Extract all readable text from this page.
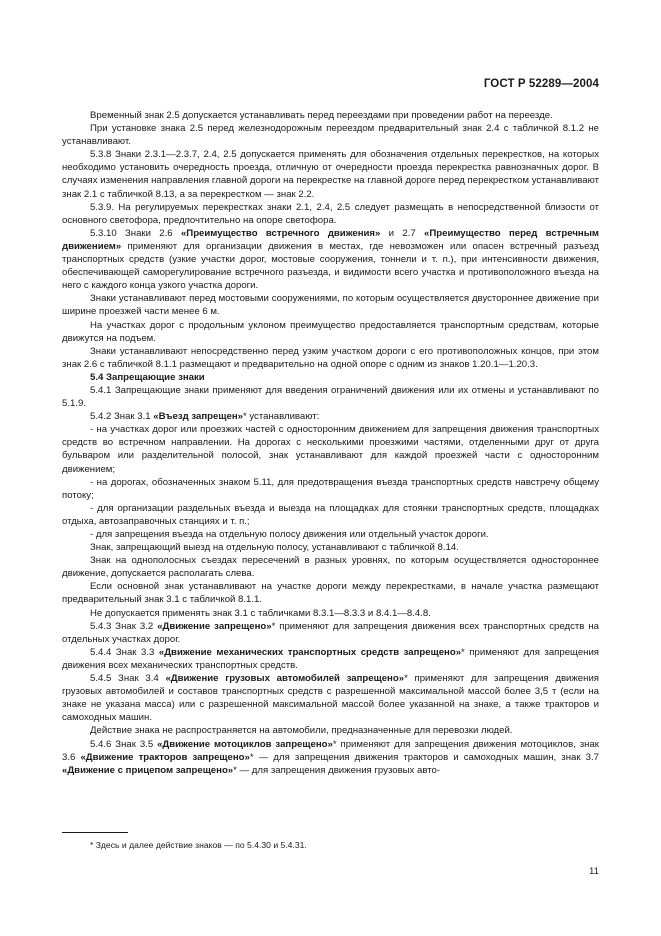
ГОСТ Р 52289—2004

Временный знак 2.5 допускается устанавливать перед переездами при проведении работ на переезде.

При установке знака 2.5 перед железнодорожным переездом предварительный знак 2.4 с табличкой 8.1.2 не устанавливают.

5.3.8 Знаки 2.3.1—2.3.7, 2.4, 2.5 допускается применять для обозначения отдельных перекрестков, на которых необходимо установить очередность проезда, отличную от очередности проезда перекрестка равнозначных дорог. В случаях изменения направления главной дороги на перекрестке на главной дороге перед перекрестком устанавливают знак 2.1 с табличкой 8.13, а за перекрестком — знак 2.2.

5.3.9. На регулируемых перекрестках знаки 2.1, 2.4, 2.5 следует размещать в непосредственной близости от основного светофора, предпочтительно на опоре светофора.

5.3.10 Знаки 2.6 «Преимущество встречного движения» и 2.7 «Преимущество перед встречным движением» применяют для организации движения в местах, где невозможен или опасен встречный разъезд транспортных средств (узкие участки дорог, мостовые сооружения, тоннели и т. п.), при интенсивности движения, обеспечивающей саморегулирование встречного разъезда, и видимости всего участка и противоположного въезда на него с каждого конца узкого участка дороги.

Знаки устанавливают перед мостовыми сооружениями, по которым осуществляется двустороннее движение при ширине проезжей части менее 6 м.

На участках дорог с продольным уклоном преимущество предоставляется транспортным средствам, которые движутся на подъем.

Знаки устанавливают непосредственно перед узким участком дороги с его противоположных концов, при этом знак 2.6 с табличкой 8.1.1 размещают и предварительно на одной опоре с одним из знаков 1.20.1—1.20.3.

5.4 Запрещающие знаки

5.4.1 Запрещающие знаки применяют для введения ограничений движения или их отмены и устанавливают по 5.1.9.

5.4.2 Знак 3.1 «Въезд запрещен»* устанавливают:

- на участках дорог или проезжих частей с односторонним движением для запрещения движения транспортных средств во встречном направлении. На дорогах с несколькими проезжими частями, отделенными друг от друга бульваром или разделительной полосой, знак устанавливают для каждой проезжей части с односторонним движением;

- на дорогах, обозначенных знаком 5.11, для предотвращения въезда транспортных средств навстречу общему потоку;

- для организации раздельных въезда и выезда на площадках для стоянки транспортных средств, площадках отдыха, автозаправочных станциях и т. п.;

- для запрещения въезда на отдельную полосу движения или отдельный участок дороги.

Знак, запрещающий выезд на отдельную полосу, устанавливают с табличкой 8.14.

Знак на однополосных съездах пересечений в разных уровнях, по которым осуществляется одностороннее движение, допускается располагать слева.

Если основной знак устанавливают на участке дороги между перекрестками, в начале участка размещают предварительный знак 3.1 с табличкой 8.1.1.

Не допускается применять знак 3.1 с табличками 8.3.1—8.3.3 и 8.4.1—8.4.8.

5.4.3 Знак 3.2 «Движение запрещено»* применяют для запрещения движения всех транспортных средств на отдельных участках дорог.

5.4.4 Знак 3.3 «Движение механических транспортных средств запрещено»* применяют для запрещения движения всех механических транспортных средств.

5.4.5 Знак 3.4 «Движение грузовых автомобилей запрещено»* применяют для запрещения движения грузовых автомобилей и составов транспортных средств с разрешенной максимальной массой более 3,5 т (если на знаке не указана масса) или с разрешенной максимальной массой более указанной на знаке, а также тракторов и самоходных машин.

Действие знака не распространяется на автомобили, предназначенные для перевозки людей.

5.4.6 Знак 3.5 «Движение мотоциклов запрещено»* применяют для запрещения движения мотоциклов, знак 3.6 «Движение тракторов запрещено»* — для запрещения движения тракторов и самоходных машин, знак 3.7 «Движение с прицепом запрещено»* — для запрещения движения грузовых авто-

* Здесь и далее действие знаков — по 5.4.30 и 5.4.31.
11
